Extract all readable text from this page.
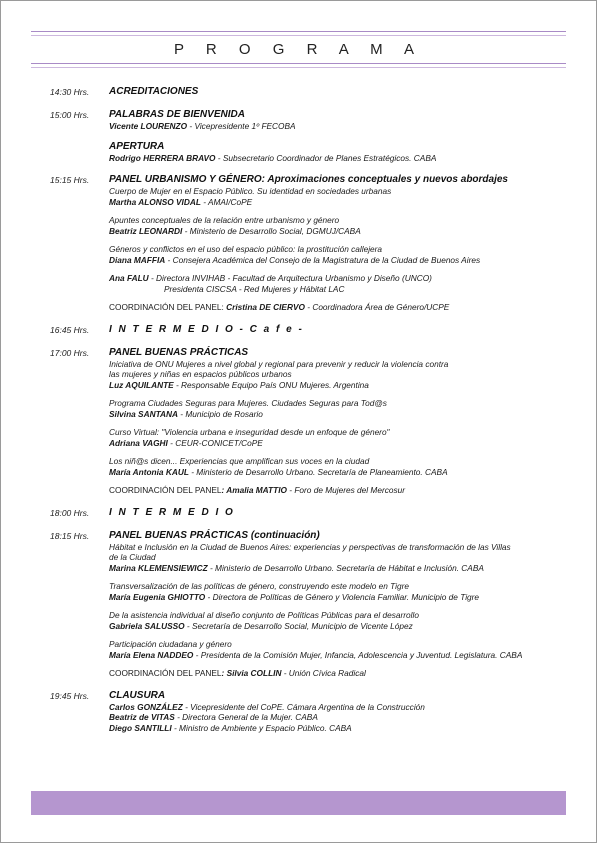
P R O G R A M A
14:30 Hrs.	ACREDITACIONES
15:00 Hrs.	PALABRAS DE BIENVENIDA
Vicente LOURENZO - Vicepresidente 1º FECOBA
APERTURA
Rodrigo HERRERA BRAVO - Subsecretario Coordinador de Planes Estratégicos. CABA
15:15 Hrs.	PANEL URBANISMO Y GÉNERO: Aproximaciones conceptuales y nuevos abordajes
Cuerpo de Mujer en el Espacio Público. Su identidad en sociedades urbanas
Martha ALONSO VIDAL - AMAI/CoPE
Apuntes conceptuales de la relación entre urbanismo y género
Beatriz LEONARDI - Ministerio de Desarrollo Social, DGMUJ/CABA
Géneros y conflictos en el uso del espacio público: la prostitución callejera
Diana MAFFIA - Consejera Académica del Consejo de la Magistratura de la Ciudad de Buenos Aires
Ana FALU - Directora INVIHAB - Facultad de Arquitectura Urbanismo y Diseño (UNCO)
Presidenta CISCSA - Red Mujeres y Hábitat LAC
COORDINACIÓN DEL PANEL: Cristina DE CIERVO - Coordinadora Área de Género/UCPE
16:45 Hrs.	I N T E R M E D I O - C a f e -
17:00 Hrs.	PANEL BUENAS PRÁCTICAS
Iniciativa de ONU Mujeres a nivel global y regional para prevenir y reducir la violencia contra
las mujeres y niñas en espacios públicos urbanos
Luz AQUILANTE - Responsable Equipo País ONU Mujeres. Argentina
Programa Ciudades Seguras para Mujeres. Ciudades Seguras para Tod@s
Silvina SANTANA - Municipio de Rosario
Curso Virtual: "Violencia urbana e inseguridad desde un enfoque de género"
Adriana VAGHI - CEUR-CONICET/CoPE
Los niñ@s dicen... Experiencias que amplifican sus voces en la ciudad
María Antonia KAUL - Ministerio de Desarrollo Urbano. Secretaría de Planeamiento. CABA
COORDINACIÓN DEL PANEL: Amalia MATTIO - Foro de Mujeres del Mercosur
18:00 Hrs.	I N T E R M E D I O
18:15 Hrs.	PANEL BUENAS PRÁCTICAS (continuación)
Hábitat e Inclusión en la Ciudad de Buenos Aires: experiencias y perspectivas de transformación de las Villas
de la Ciudad
Marina KLEMENSIEWICZ - Ministerio de Desarrollo Urbano. Secretaría de Hábitat e Inclusión. CABA
Transversalización de las políticas de género, construyendo este modelo en Tigre
María Eugenia GHIOTTO - Directora de Políticas de Género y Violencia Familiar. Municipio de Tigre
De la asistencia individual al diseño conjunto de Políticas Públicas para el desarrollo
Gabriela SALUSSO - Secretaría de Desarrollo Social, Municipio de Vicente López
Participación ciudadana y género
María Elena NADDEO - Presidenta de la Comisión Mujer, Infancia, Adolescencia y Juventud. Legislatura. CABA
COORDINACIÓN DEL PANEL: Silvia COLLIN - Unión Cívica Radical
19:45 Hrs.	CLAUSURA
Carlos GONZÁLEZ - Vicepresidente del CoPE. Cámara Argentina de la Construcción
Beatriz de VITAS - Directora General de la Mujer. CABA
Diego SANTILLI - Ministro de Ambiente y Espacio Público. CABA
